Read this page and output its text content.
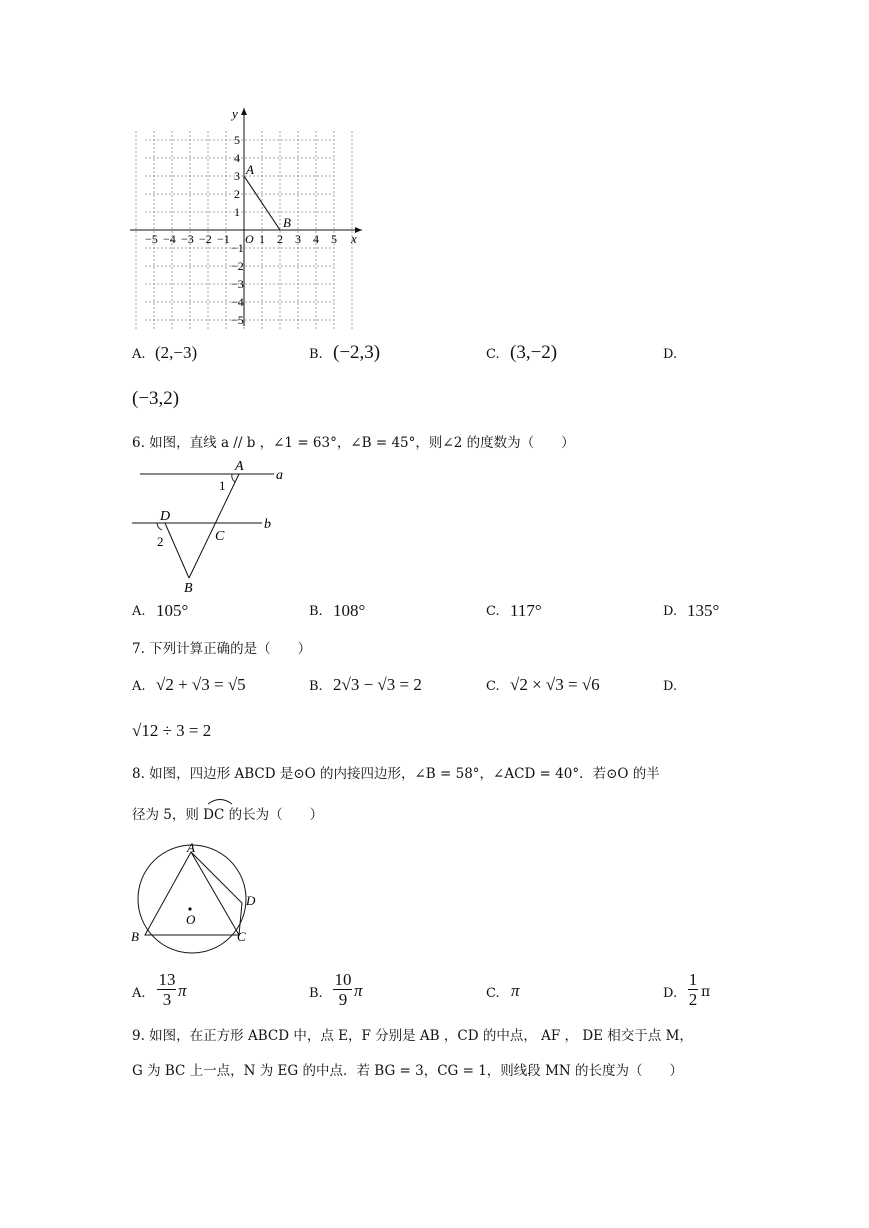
y
x
A
B
O
−5 −4 −3 −2 −1 1 2 3 4 5
5
4
3
2
1
−1
−2
−3
−4
−5
A. (2,−3)	B. (−2,3)	C. (3,−2)	D.
(−3,2)
6. 如图，直线 a // b ，∠1 = 63°，∠B = 45°，则∠2 的度数为（　　）
A
a
b
1
D
C
2
B
A. 105°	B. 108°	C. 117°	D. 135°
7. 下列计算正确的是（　　）
A. √2 + √3 = √5	B. 2√3 − √3 = 2	C. √2 × √3 = √6	D.
√12 ÷ 3 = 2
8. 如图，四边形 ABCD 是⊙O 的内接四边形，∠B = 58°，∠ACD = 40°．若⊙O 的半
径为 5，则 DC 的长为（　　）
A
D
O
B	C
A.
13
3 π	B.
10
9 π	C. π	D.
1
2 π
9. 如图，在正方形 ABCD 中，点 E，F 分别是 AB ，CD 的中点， AF ， DE 相交于点 M，
G 为 BC 上一点，N 为 EG 的中点．若 BG = 3，CG = 1，则线段 MN 的长度为（　　）
